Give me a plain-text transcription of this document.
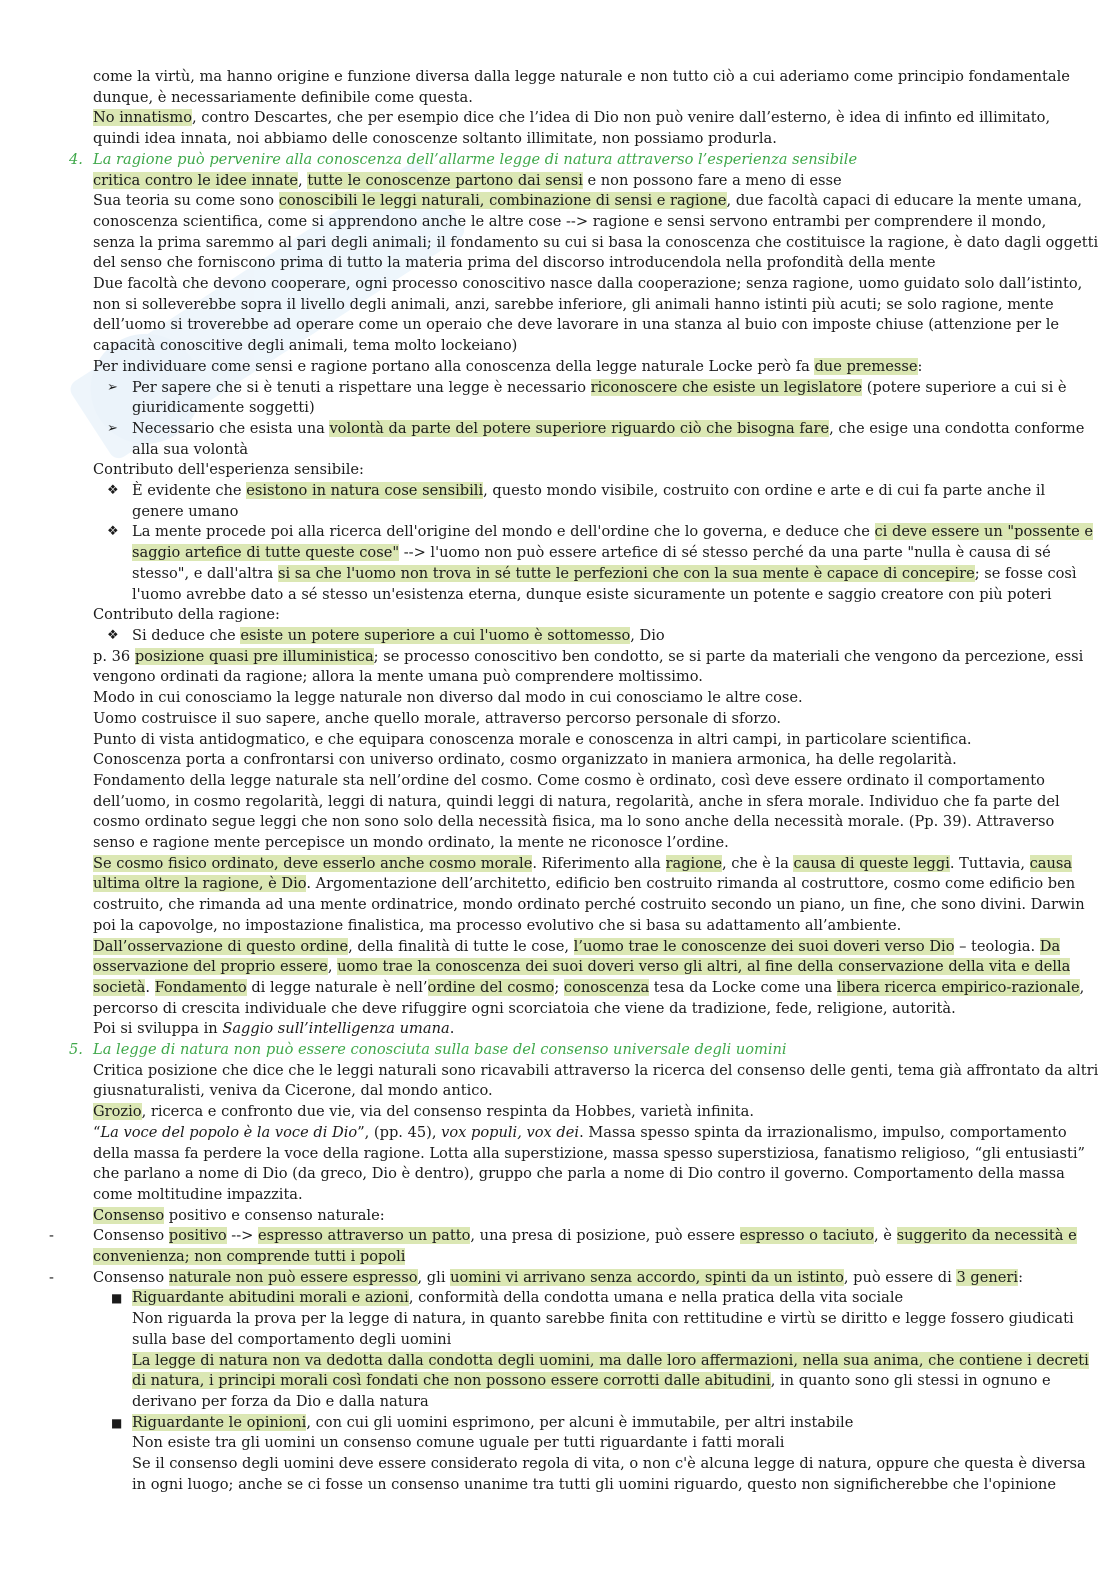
come la virtù, ma hanno origine e funzione diversa dalla legge naturale e non tutto ciò a cui aderiamo come principio fondamentale
dunque, è necessariamente definibile come questa.
No innatismo, contro Descartes, che per esempio dice che l’idea di Dio non può venire dall’esterno, è idea di infinto ed illimitato,
quindi idea innata, noi abbiamo delle conoscenze soltanto illimitate, non possiamo produrla.
4. La ragione può pervenire alla conoscenza dell’allarme legge di natura attraverso l’esperienza sensibile
critica contro le idee innate, tutte le conoscenze partono dai sensi e non possono fare a meno di esse
Sua teoria su come sono conoscibili le leggi naturali, combinazione di sensi e ragione, due facoltà capaci di educare la mente umana,
conoscenza scientifica, come si apprendono anche le altre cose --> ragione e sensi servono entrambi per comprendere il mondo,
senza la prima saremmo al pari degli animali; il fondamento su cui si basa la conoscenza che costituisce la ragione, è dato dagli oggetti
del senso che forniscono prima di tutto la materia prima del discorso introducendola nella profondità della mente
Due facoltà che devono cooperare, ogni processo conoscitivo nasce dalla cooperazione; senza ragione, uomo guidato solo dall’istinto,
non si solleverebbe sopra il livello degli animali, anzi, sarebbe inferiore, gli animali hanno istinti più acuti; se solo ragione, mente
dell’uomo si troverebbe ad operare come un operaio che deve lavorare in una stanza al buio con imposte chiuse (attenzione per le
capacità conoscitive degli animali, tema molto lockeiano)
Per individuare come sensi e ragione portano alla conoscenza della legge naturale Locke però fa due premesse:
➢ Per sapere che si è tenuti a rispettare una legge è necessario riconoscere che esiste un legislatore (potere superiore a cui si è
giuridicamente soggetti)
➢ Necessario che esista una volontà da parte del potere superiore riguardo ciò che bisogna fare, che esige una condotta conforme
alla sua volontà
Contributo dell'esperienza sensibile:
❖ È evidente che esistono in natura cose sensibili, questo mondo visibile, costruito con ordine e arte e di cui fa parte anche il
genere umano
❖ La mente procede poi alla ricerca dell'origine del mondo e dell'ordine che lo governa, e deduce che ci deve essere un "possente e
saggio artefice di tutte queste cose" --> l'uomo non può essere artefice di sé stesso perché da una parte "nulla è causa di sé
stesso", e dall'altra si sa che l'uomo non trova in sé tutte le perfezioni che con la sua mente è capace di concepire; se fosse così
l'uomo avrebbe dato a sé stesso un'esistenza eterna, dunque esiste sicuramente un potente e saggio creatore con più poteri
Contributo della ragione:
❖ Si deduce che esiste un potere superiore a cui l'uomo è sottomesso, Dio
p. 36 posizione quasi pre illuministica; se processo conoscitivo ben condotto, se si parte da materiali che vengono da percezione, essi
vengono ordinati da ragione; allora la mente umana può comprendere moltissimo.
Modo in cui conosciamo la legge naturale non diverso dal modo in cui conosciamo le altre cose.
Uomo costruisce il suo sapere, anche quello morale, attraverso percorso personale di sforzo.
Punto di vista antidogmatico, e che equipara conoscenza morale e conoscenza in altri campi, in particolare scientifica.
Conoscenza porta a confrontarsi con universo ordinato, cosmo organizzato in maniera armonica, ha delle regolarità.
Fondamento della legge naturale sta nell’ordine del cosmo. Come cosmo è ordinato, così deve essere ordinato il comportamento
dell’uomo, in cosmo regolarità, leggi di natura, quindi leggi di natura, regolarità, anche in sfera morale. Individuo che fa parte del
cosmo ordinato segue leggi che non sono solo della necessità fisica, ma lo sono anche della necessità morale. (Pp. 39). Attraverso
senso e ragione mente percepisce un mondo ordinato, la mente ne riconosce l’ordine.
Se cosmo fisico ordinato, deve esserlo anche cosmo morale. Riferimento alla ragione, che è la causa di queste leggi. Tuttavia, causa
ultima oltre la ragione, è Dio. Argomentazione dell’architetto, edificio ben costruito rimanda al costruttore, cosmo come edificio ben
costruito, che rimanda ad una mente ordinatrice, mondo ordinato perché costruito secondo un piano, un fine, che sono divini. Darwin
poi la capovolge, no impostazione finalistica, ma processo evolutivo che si basa su adattamento all’ambiente.
Dall’osservazione di questo ordine, della finalità di tutte le cose, l’uomo trae le conoscenze dei suoi doveri verso Dio – teologia. Da
osservazione del proprio essere, uomo trae la conoscenza dei suoi doveri verso gli altri, al fine della conservazione della vita e della
società. Fondamento di legge naturale è nell’ordine del cosmo; conoscenza tesa da Locke come una libera ricerca empirico-razionale,
percorso di crescita individuale che deve rifuggire ogni scorciatoia che viene da tradizione, fede, religione, autorità.
Poi si sviluppa in Saggio sull’intelligenza umana.
5. La legge di natura non può essere conosciuta sulla base del consenso universale degli uomini
Critica posizione che dice che le leggi naturali sono ricavabili attraverso la ricerca del consenso delle genti, tema già affrontato da altri
giusnaturalisti, veniva da Cicerone, dal mondo antico.
Grozio, ricerca e confronto due vie, via del consenso respinta da Hobbes, varietà infinita.
“La voce del popolo è la voce di Dio”, (pp. 45), vox populi, vox dei. Massa spesso spinta da irrazionalismo, impulso, comportamento
della massa fa perdere la voce della ragione. Lotta alla superstizione, massa spesso superstiziosa, fanatismo religioso, “gli entusiasti”
che parlano a nome di Dio (da greco, Dio è dentro), gruppo che parla a nome di Dio contro il governo. Comportamento della massa
come moltitudine impazzita.
Consenso positivo e consenso naturale:
-	Consenso positivo --> espresso attraverso un patto, una presa di posizione, può essere espresso o taciuto, è suggerito da necessità e
convenienza; non comprende tutti i popoli
-	Consenso naturale non può essere espresso, gli uomini vi arrivano senza accordo, spinti da un istinto, può essere di 3 generi:
■ Riguardante abitudini morali e azioni, conformità della condotta umana e nella pratica della vita sociale
Non riguarda la prova per la legge di natura, in quanto sarebbe finita con rettitudine e virtù se diritto e legge fossero giudicati
sulla base del comportamento degli uomini
La legge di natura non va dedotta dalla condotta degli uomini, ma dalle loro affermazioni, nella sua anima, che contiene i decreti
di natura, i principi morali così fondati che non possono essere corrotti dalle abitudini, in quanto sono gli stessi in ognuno e
derivano per forza da Dio e dalla natura
■ Riguardante le opinioni, con cui gli uomini esprimono, per alcuni è immutabile, per altri instabile
Non esiste tra gli uomini un consenso comune uguale per tutti riguardante i fatti morali
Se il consenso degli uomini deve essere considerato regola di vita, o non c'è alcuna legge di natura, oppure che questa è diversa
in ogni luogo; anche se ci fosse un consenso unanime tra tutti gli uomini riguardo, questo non significherebbe che l'opinione
